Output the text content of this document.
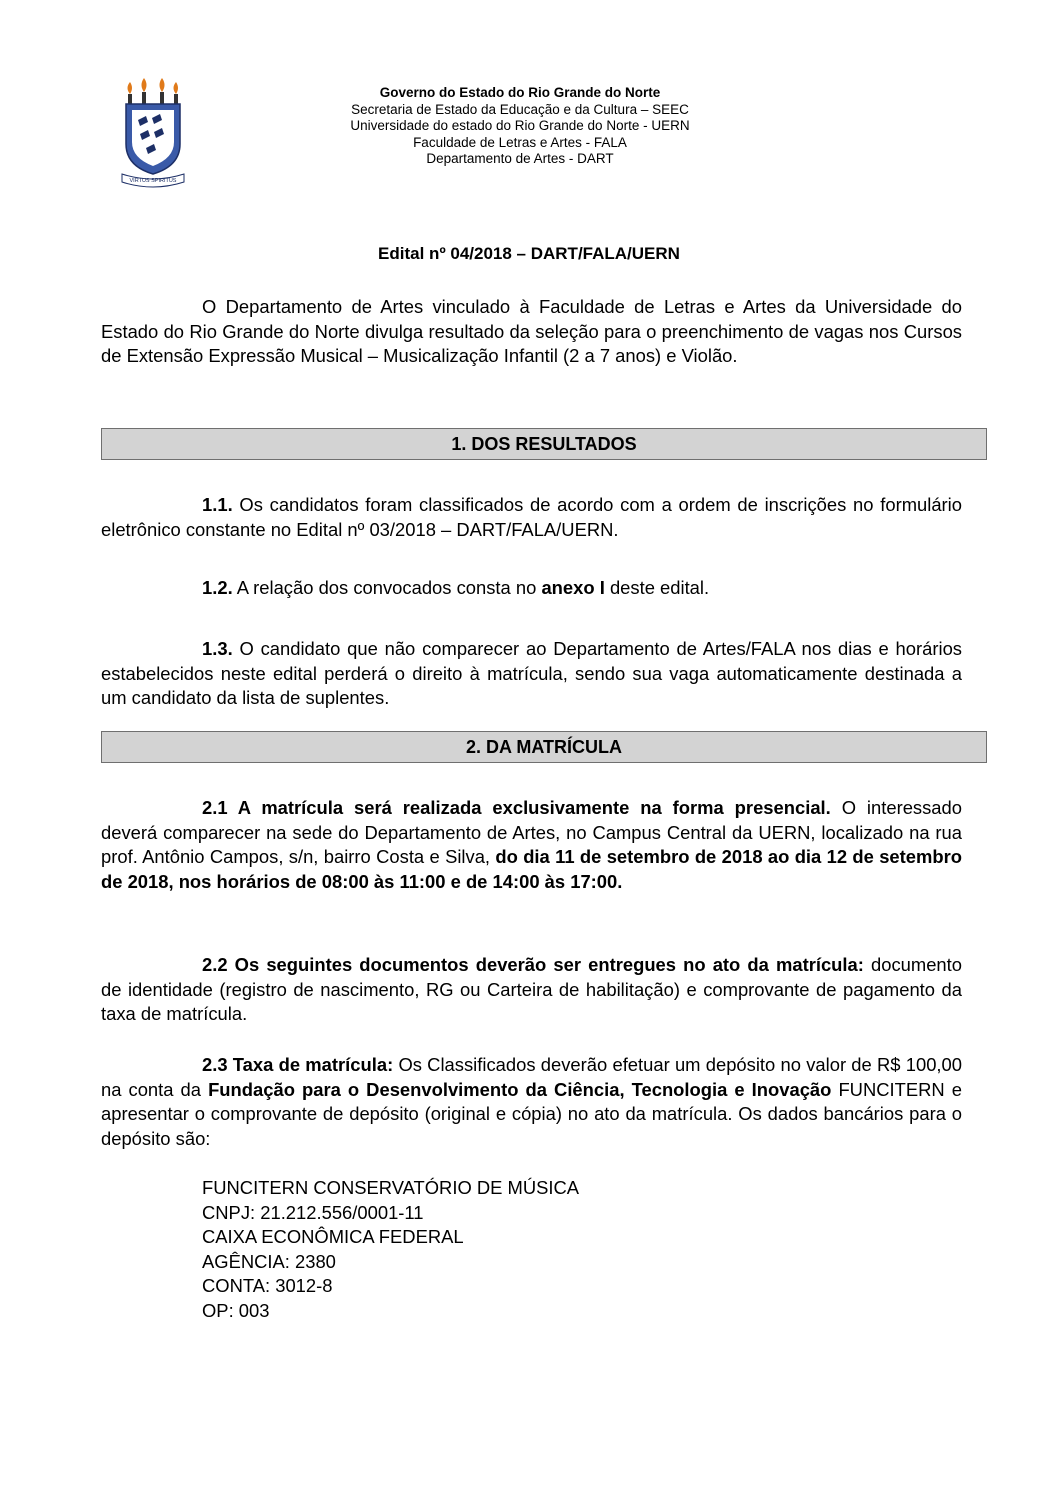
VIRTUS SPIRITUS
Governo do Estado do Rio Grande do Norte
Secretaria de Estado da Educação e da Cultura – SEEC
Universidade do estado do Rio Grande do Norte - UERN
Faculdade de Letras e Artes - FALA
Departamento de Artes - DART
Edital nº 04/2018 – DART/FALA/UERN
O Departamento de Artes vinculado à Faculdade de Letras e Artes da Universidade do Estado do Rio Grande do Norte divulga resultado da seleção para o preenchimento de vagas nos Cursos de Extensão Expressão Musical – Musicalização Infantil (2 a 7 anos) e Violão.
1. DOS RESULTADOS
1.1. Os candidatos foram classificados de acordo com a ordem de inscrições no formulário eletrônico constante no Edital nº 03/2018 – DART/FALA/UERN.
1.2. A relação dos convocados consta no anexo I deste edital.
1.3. O candidato que não comparecer ao Departamento de Artes/FALA nos dias e horários estabelecidos neste edital perderá o direito à matrícula, sendo sua vaga automaticamente destinada a um candidato da lista de suplentes.
2. DA MATRÍCULA
2.1 A matrícula será realizada exclusivamente na forma presencial. O interessado deverá comparecer na sede do Departamento de Artes, no Campus Central da UERN, localizado na rua prof. Antônio Campos, s/n, bairro Costa e Silva, do dia 11 de setembro de 2018 ao dia 12 de setembro de 2018, nos horários de 08:00 às 11:00 e de 14:00 às 17:00.
2.2 Os seguintes documentos deverão ser entregues no ato da matrícula: documento de identidade (registro de nascimento, RG ou Carteira de habilitação) e comprovante de pagamento da taxa de matrícula.
2.3 Taxa de matrícula: Os Classificados deverão efetuar um depósito no valor de R$ 100,00 na conta da Fundação para o Desenvolvimento da Ciência, Tecnologia e Inovação FUNCITERN e apresentar o comprovante de depósito (original e cópia) no ato da matrícula. Os dados bancários para o depósito são:
FUNCITERN CONSERVATÓRIO DE MÚSICA
CNPJ: 21.212.556/0001-11
CAIXA ECONÔMICA FEDERAL
AGÊNCIA: 2380
CONTA: 3012-8
OP: 003
